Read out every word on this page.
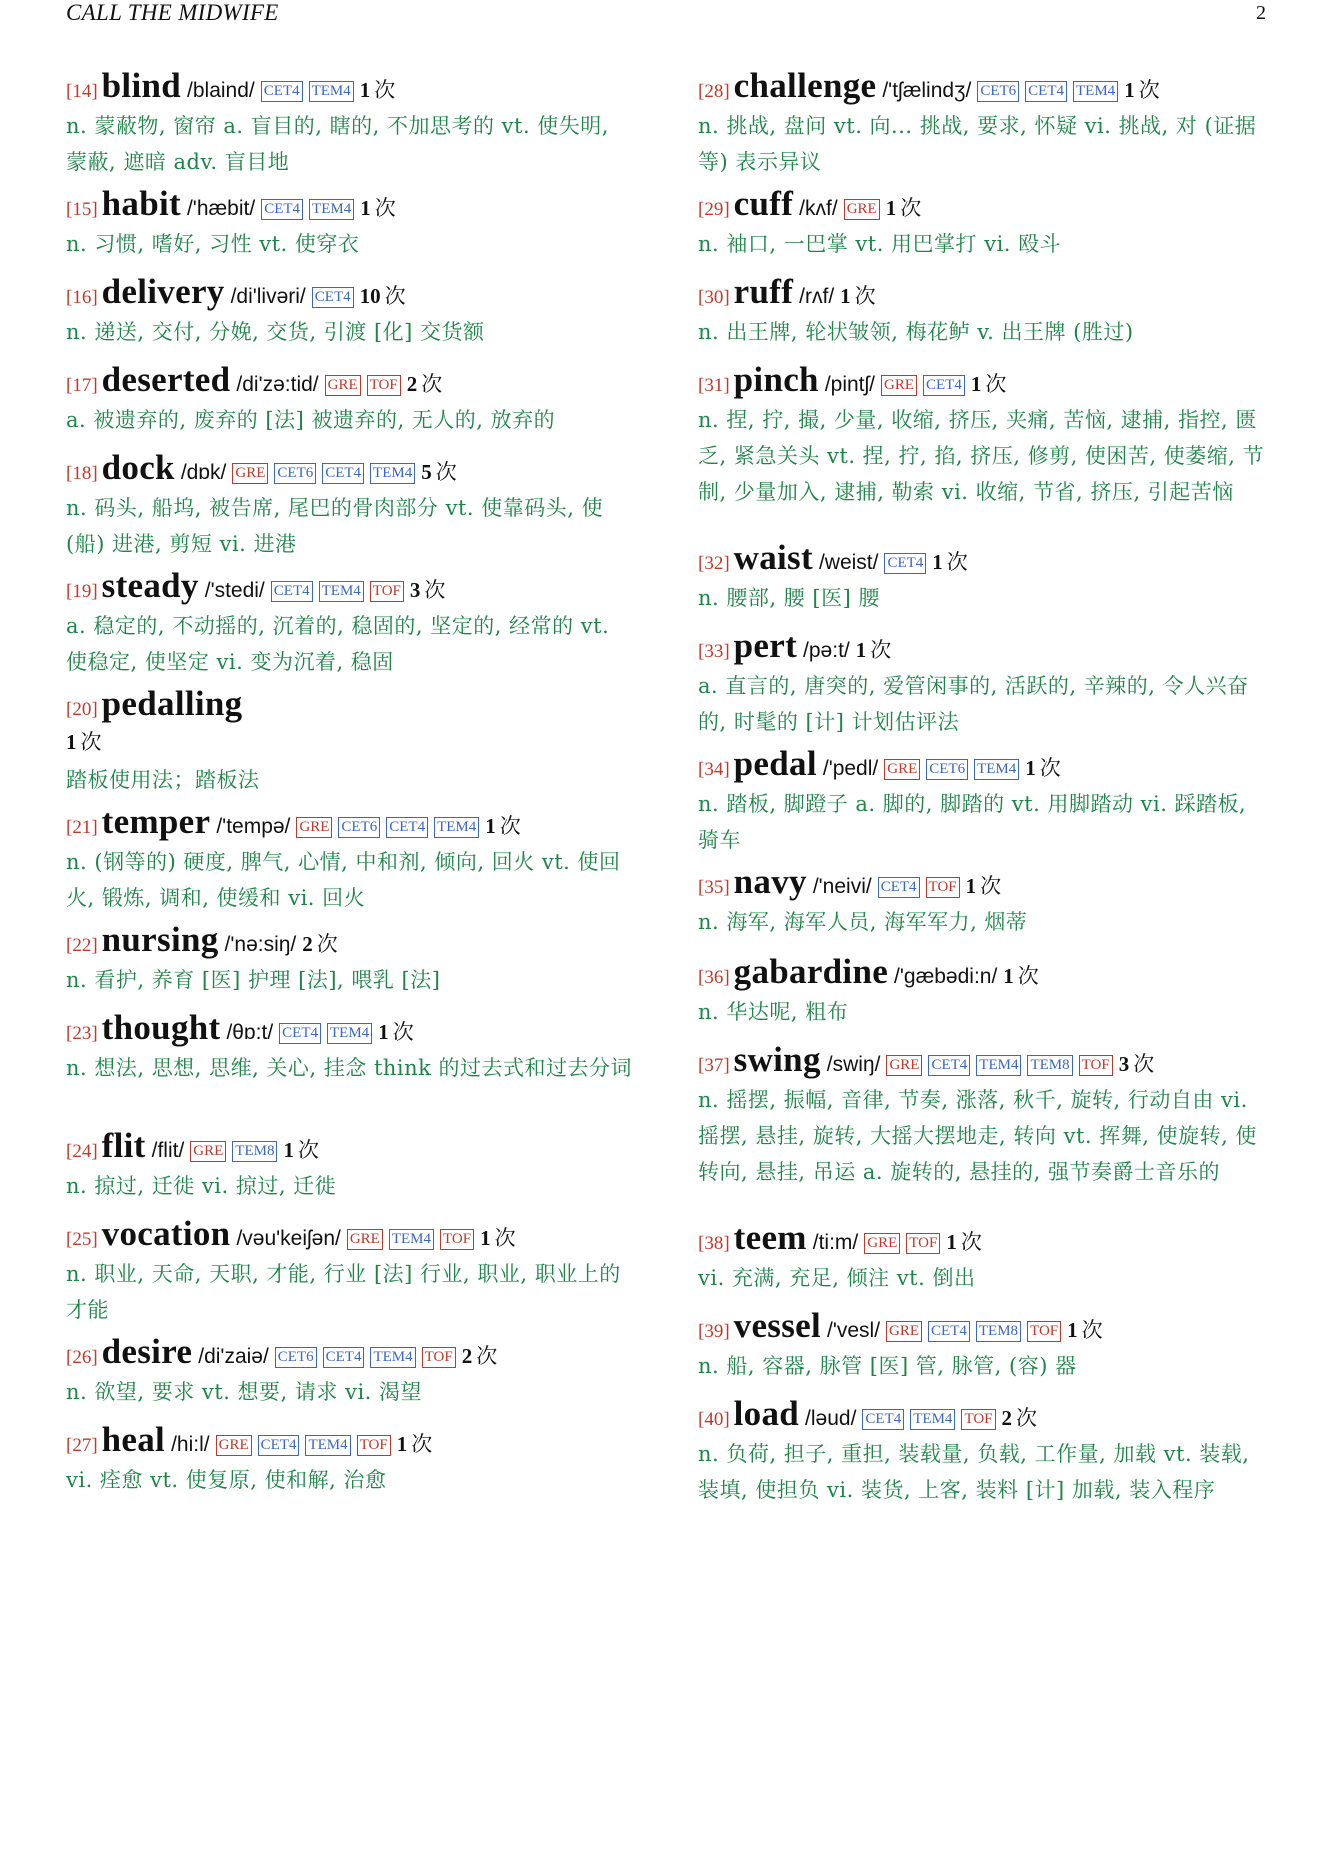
CALL THE MIDWIFE	2
[14] blind /blaind/ CET4 TEM4 1 次
n. 蒙蔽物, 窗帘 a. 盲目的, 瞎的, 不加思考的 vt. 使失明, 蒙蔽, 遮暗 adv. 盲目地
[15] habit /'hæbit/ CET4 TEM4 1 次
n. 习惯, 嗜好, 习性 vt. 使穿衣
[16] delivery /di'livəri/ CET4 10 次
n. 递送, 交付, 分娩, 交货, 引渡 [化] 交货额
[17] deserted /di'zə:tid/ GRE TOF 2 次
a. 被遗弃的, 废弃的 [法] 被遗弃的, 无人的, 放弃的
[18] dock /dɒk/ GRE CET6 CET4 TEM4 5 次
n. 码头, 船坞, 被告席, 尾巴的骨肉部分 vt. 使靠码头, 使 (船) 进港, 剪短 vi. 进港
[19] steady /'stedi/ CET4 TEM4 TOF 3 次
a. 稳定的, 不动摇的, 沉着的, 稳固的, 坚定的, 经常的 vt. 使稳定, 使坚定 vi. 变为沉着, 稳固
[20] pedalling
1 次
踏板使用法；踏板法
[21] temper /'tempə/ GRE CET6 CET4 TEM4 1 次
n. (钢等的) 硬度, 脾气, 心情, 中和剂, 倾向, 回火 vt. 使回火, 锻炼, 调和, 使缓和 vi. 回火
[22] nursing /'nə:siŋ/ 2 次
n. 看护, 养育 [医] 护理 [法], 喂乳 [法]
[23] thought /θɒ:t/ CET4 TEM4 1 次
n. 想法, 思想, 思维, 关心, 挂念 think 的过去式和过去分词
[24] flit /flit/ GRE TEM8 1 次
n. 掠过, 迁徙 vi. 掠过, 迁徙
[25] vocation /vəu'keiʃən/ GRE TEM4 TOF 1 次
n. 职业, 天命, 天职, 才能, 行业 [法] 行业, 职业, 职业上的才能
[26] desire /di'zaiə/ CET6 CET4 TEM4 TOF 2 次
n. 欲望, 要求 vt. 想要, 请求 vi. 渴望
[27] heal /hi:l/ GRE CET4 TEM4 TOF 1 次
vi. 痊愈 vt. 使复原, 使和解, 治愈
[28] challenge /'tʃælindʒ/ CET6 CET4 TEM4 1 次
n. 挑战, 盘问 vt. 向... 挑战, 要求, 怀疑 vi. 挑战, 对 (证据等) 表示异议
[29] cuff /kʌf/ GRE 1 次
n. 袖口, 一巴掌 vt. 用巴掌打 vi. 殴斗
[30] ruff /rʌf/ 1 次
n. 出王牌, 轮状皱领, 梅花鲈 v. 出王牌 (胜过)
[31] pinch /pintʃ/ GRE CET4 1 次
n. 捏, 拧, 撮, 少量, 收缩, 挤压, 夹痛, 苦恼, 逮捕, 指控, 匮乏, 紧急关头 vt. 捏, 拧, 掐, 挤压, 修剪, 使困苦, 使萎缩, 节制, 少量加入, 逮捕, 勒索 vi. 收缩, 节省, 挤压, 引起苦恼
[32] waist /weist/ CET4 1 次
n. 腰部, 腰 [医] 腰
[33] pert /pə:t/ 1 次
a. 直言的, 唐突的, 爱管闲事的, 活跃的, 辛辣的, 令人兴奋的, 时髦的 [计] 计划估评法
[34] pedal /'pedl/ GRE CET6 TEM4 1 次
n. 踏板, 脚蹬子 a. 脚的, 脚踏的 vt. 用脚踏动 vi. 踩踏板, 骑车
[35] navy /'neivi/ CET4 TOF 1 次
n. 海军, 海军人员, 海军军力, 烟蒂
[36] gabardine /'gæbədi:n/ 1 次
n. 华达呢, 粗布
[37] swing /swiŋ/ GRE CET4 TEM4 TEM8 TOF 3 次
n. 摇摆, 振幅, 音律, 节奏, 涨落, 秋千, 旋转, 行动自由 vi. 摇摆, 悬挂, 旋转, 大摇大摆地走, 转向 vt. 挥舞, 使旋转, 使转向, 悬挂, 吊运 a. 旋转的, 悬挂的, 强节奏爵士音乐的
[38] teem /ti:m/ GRE TOF 1 次
vi. 充满, 充足, 倾注 vt. 倒出
[39] vessel /'vesl/ GRE CET4 TEM8 TOF 1 次
n. 船, 容器, 脉管 [医] 管, 脉管, (容) 器
[40] load /ləud/ CET4 TEM4 TOF 2 次
n. 负荷, 担子, 重担, 装载量, 负载, 工作量, 加载 vt. 装载, 装填, 使担负 vi. 装货, 上客, 装料 [计] 加载, 装入程序
